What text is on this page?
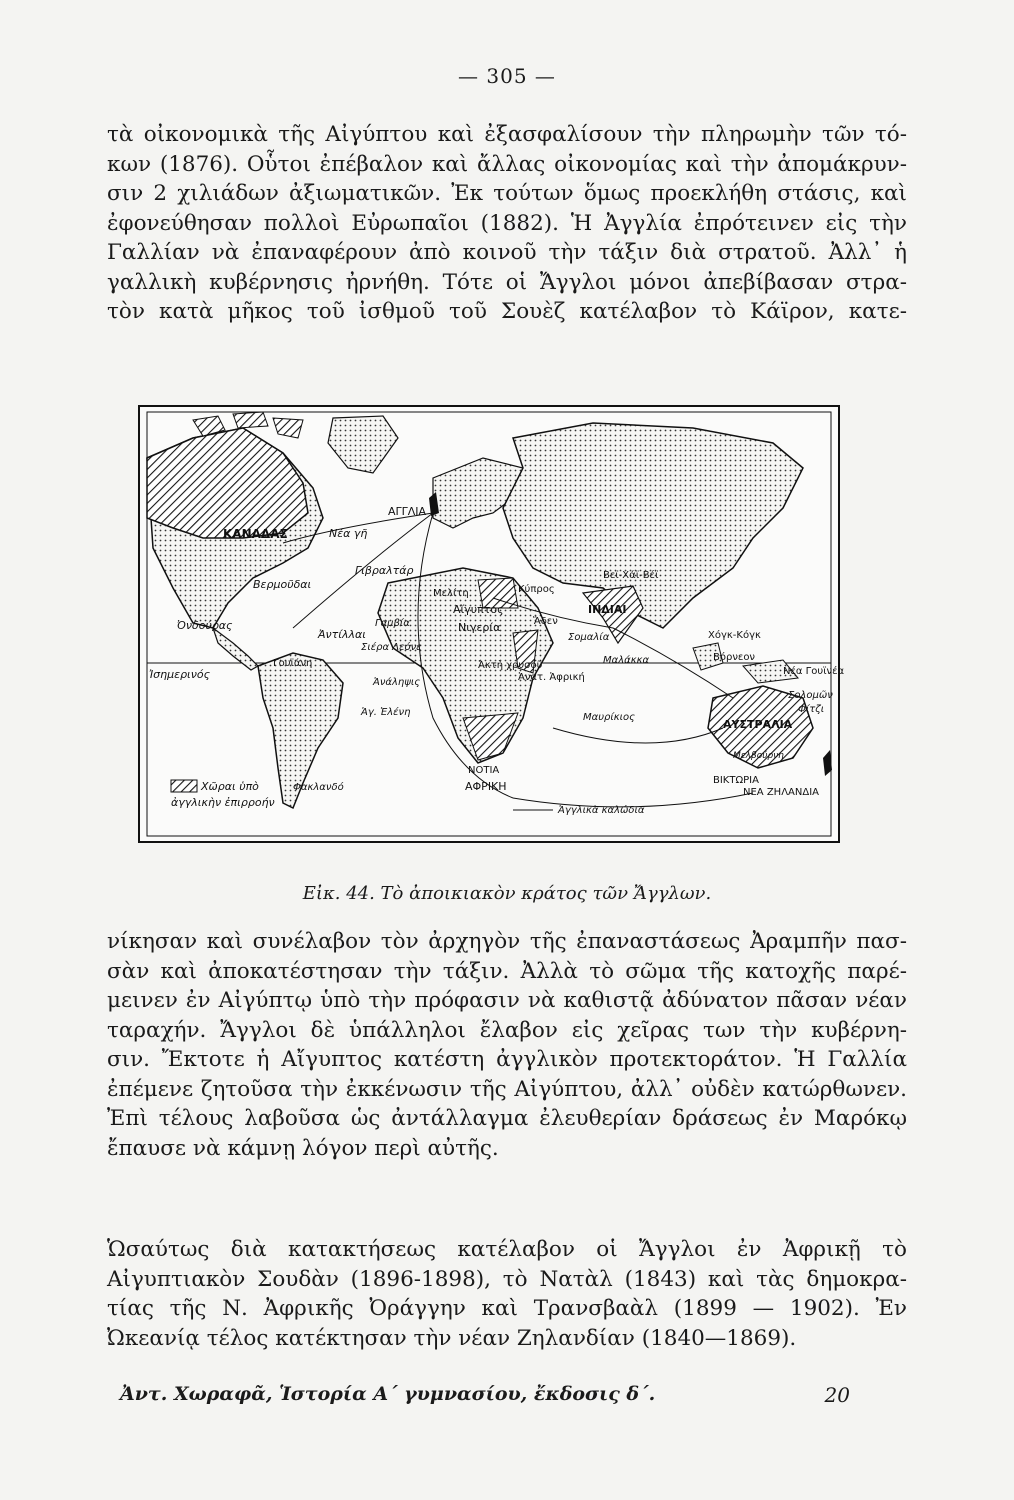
— 305 —
τὰ οἰκονομικὰ τῆς Αἰγύπτου καὶ ἐξασφαλίσουν τὴν πληρωμὴν τῶν τό-
κων (1876). Οὗτοι ἐπέβαλον καὶ ἄλλας οἰκονομίας καὶ τὴν ἀπομάκρυν-
σιν 2 χιλιάδων ἀξιωματικῶν. Ἐκ τούτων ὅμως προεκλήθη στάσις, καὶ
ἐφονεύθησαν πολλοὶ Εὐρωπαῖοι (1882). Ἡ Ἀγγλία ἐπρότεινεν εἰς τὴν
Γαλλίαν νὰ ἐπαναφέρουν ἀπὸ κοινοῦ τὴν τάξιν διὰ στρατοῦ. Ἀλλ᾽ ἡ
γαλλικὴ κυβέρνησις ἠρνήθη. Τότε οἱ Ἄγγλοι μόνοι ἀπεβίβασαν στρα-
τὸν κατὰ μῆκος τοῦ ἰσθμοῦ τοῦ Σουὲζ κατέλαβον τὸ Κάϊρον, κατε-
Χῶραι ὑπὸ
ἀγγλικὴν ἐπιρροήν
ΑΓΓΛΙΑ
ΚΑΝΑΔΑΣ	Νέα γῆ
Γιβραλτάρ
Βερμοῦδαι
Μελίτη	Κύπρος
Αἴγυπτος
Βεϊ-Χάϊ-Βέϊ
ΙΝΔΙΑΙ
Ἄδεν
Νιγερία
Ἀντίλλαι
Γαμβία
Σιέρα Λεόνε
Ὀνδούρας
Γουϊάνη
Χόγκ-Κόγκ
Σομαλία
Μαλάκκα	Βόρνεον
Ἀκτὴ χρυσοῦ
Νέα Γουϊνέα
Ἰσημερινός	Ἀνατ. Ἀφρική
Σολομῶν
Φίτζι
Ἀνάληψις
Ἁγ. Ἑλένη	Μαυρίκιος
ΑΥΣΤΡΑΛΙΑ
Μελβούρνη
ΒΙΚΤΩΡΙΑ
ΝΟΤΙΑ
ΑΦΡΙΚΗ	ΝΕΑ ΖΗΛΑΝΔΙΑ
Φακλανδό
Ἀγγλικὰ καλώδια
Εἰκ. 44. Τὸ ἀποικιακὸν κράτος τῶν Ἄγγλων.
νίκησαν καὶ συνέλαβον τὸν ἀρχηγὸν τῆς ἐπαναστάσεως Ἀραμπῆν πασ-
σὰν καὶ ἀποκατέστησαν τὴν τάξιν. Ἀλλὰ τὸ σῶμα τῆς κατοχῆς παρέ-
μεινεν ἐν Αἰγύπτῳ ὑπὸ τὴν πρόφασιν νὰ καθιστᾷ ἀδύνατον πᾶσαν νέαν
ταραχήν. Ἄγγλοι δὲ ὑπάλληλοι ἔλαβον εἰς χεῖρας των τὴν κυβέρνη-
σιν. Ἔκτοτε ἡ Αἴγυπτος κατέστη ἀγγλικὸν προτεκτοράτον. Ἡ Γαλλία
ἐπέμενε ζητοῦσα τὴν ἐκκένωσιν τῆς Αἰγύπτου, ἀλλ᾽ οὐδὲν κατώρθωνεν.
Ἐπὶ τέλους λαβοῦσα ὡς ἀντάλλαγμα ἐλευθερίαν δράσεως ἐν Μαρόκῳ
ἔπαυσε νὰ κάμνῃ λόγον περὶ αὐτῆς.
Ὡσαύτως διὰ κατακτήσεως κατέλαβον οἱ Ἄγγλοι ἐν Ἀφρικῇ τὸ
Αἰγυπτιακὸν Σουδὰν (1896-1898), τὸ Νατὰλ (1843) καὶ τὰς δημοκρα-
τίας τῆς Ν. Ἀφρικῆς Ὀράγγην καὶ Τρανσβαὰλ (1899 — 1902). Ἐν
Ὠκεανίᾳ τέλος κατέκτησαν τὴν νέαν Ζηλανδίαν (1840—1869).
Ἀντ. Χωραφᾶ, Ἱστορία Α΄ γυμνασίου, ἔκδοσις δ΄.	20
